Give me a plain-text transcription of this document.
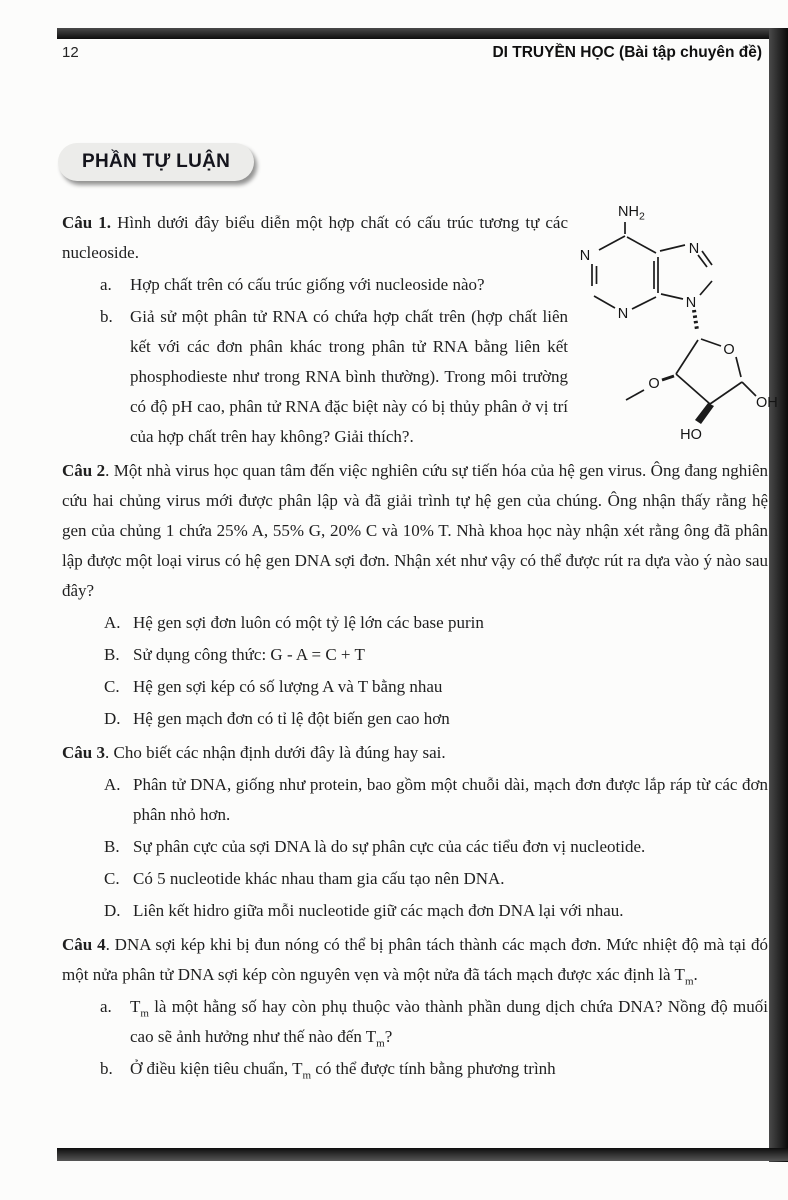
12	DI TRUYỀN HỌC (Bài tập chuyên đề)
PHẦN TỰ LUẬN
$NH_2$
N
N
N
N
O
O
HO
OH

Câu 1. Hình dưới đây biểu diễn một hợp chất có cấu trúc tương tự các nucleoside.

a.	Hợp chất trên có cấu trúc giống với nucleoside nào?
b.	Giả sử một phân tử RNA có chứa hợp chất trên (hợp chất liên kết với các đơn phân khác trong phân tử RNA bằng liên kết phosphodieste như trong RNA bình thường). Trong môi trường có độ pH cao, phân tử RNA đặc biệt này có bị thủy phân ở vị trí của hợp chất trên hay không? Giải thích?.

Câu 2. Một nhà virus học quan tâm đến việc nghiên cứu sự tiến hóa của hệ gen virus. Ông đang nghiên cứu hai chủng virus mới được phân lập và đã giải trình tự hệ gen của chúng. Ông nhận thấy rằng hệ gen của chủng 1 chứa 25% A, 55% G, 20% C và 10% T. Nhà khoa học này nhận xét rằng ông đã phân lập được một loại virus có hệ gen DNA sợi đơn. Nhận xét như vậy có thể được rút ra dựa vào ý nào sau đây?

A. Hệ gen sợi đơn luôn có một tỷ lệ lớn các base purin
B. Sử dụng công thức: G - A = C + T
C. Hệ gen sợi kép có số lượng A và T bằng nhau
D. Hệ gen mạch đơn có tỉ lệ đột biến gen cao hơn

Câu 3. Cho biết các nhận định dưới đây là đúng hay sai.

A. Phân tử DNA, giống như protein, bao gồm một chuỗi dài, mạch đơn được lắp ráp từ các đơn phân nhỏ hơn.
B. Sự phân cực của sợi DNA là do sự phân cực của các tiểu đơn vị nucleotide.
C. Có 5 nucleotide khác nhau tham gia cấu tạo nên DNA.
D. Liên kết hidro giữa mỗi nucleotide giữ các mạch đơn DNA lại với nhau.

Câu 4. DNA sợi kép khi bị đun nóng có thể bị phân tách thành các mạch đơn. Mức nhiệt độ mà tại đó một nửa phân tử DNA sợi kép còn nguyên vẹn và một nửa đã tách mạch được xác định là $T_m$.

a.	$T_m$ là một hằng số hay còn phụ thuộc vào thành phần dung dịch chứa DNA? Nồng độ muối cao sẽ ảnh hưởng như thế nào đến $T_m$?
b.	Ở điều kiện tiêu chuẩn, $T_m$ có thể được tính bằng phương trình
